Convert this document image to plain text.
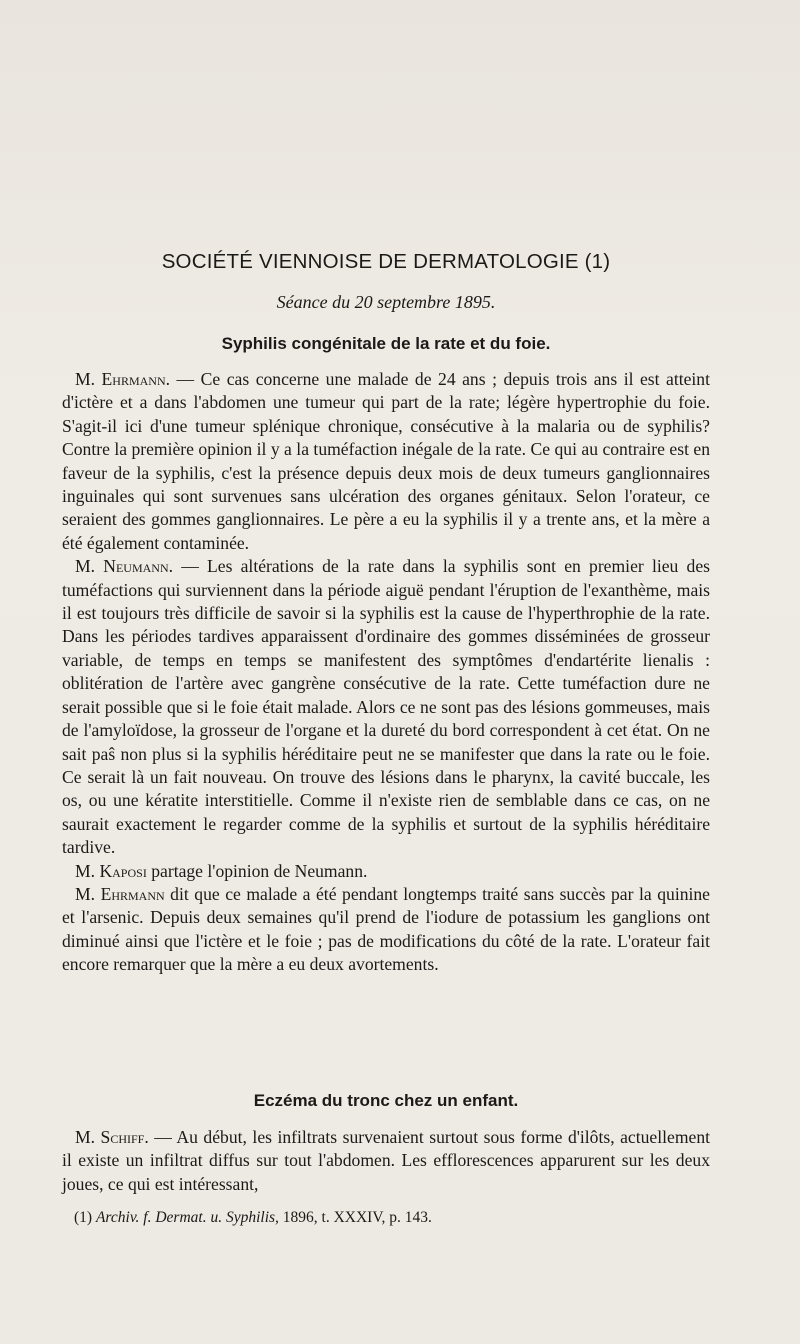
SOCIÉTÉ VIENNOISE DE DERMATOLOGIE (1)

Séance du 20 septembre 1895.

Syphilis congénitale de la rate et du foie.

M. Ehrmann. — Ce cas concerne une malade de 24 ans ; depuis trois ans il est atteint d'ictère et a dans l'abdomen une tumeur qui part de la rate; légère hypertrophie du foie. S'agit-il ici d'une tumeur splénique chronique, consécutive à la malaria ou de syphilis? Contre la première opinion il y a la tuméfaction inégale de la rate. Ce qui au contraire est en faveur de la syphilis, c'est la présence depuis deux mois de deux tumeurs ganglionnaires inguinales qui sont survenues sans ulcération des organes génitaux. Selon l'orateur, ce seraient des gommes ganglionnaires. Le père a eu la syphilis il y a trente ans, et la mère a été également contaminée.

M. Neumann. — Les altérations de la rate dans la syphilis sont en premier lieu des tuméfactions qui surviennent dans la période aiguë pendant l'éruption de l'exanthème, mais il est toujours très difficile de savoir si la syphilis est la cause de l'hyperthrophie de la rate. Dans les périodes tardives apparaissent d'ordinaire des gommes disséminées de grosseur variable, de temps en temps se manifestent des symptômes d'endartérite lienalis : oblitération de l'artère avec gangrène consécutive de la rate. Cette tuméfaction dure ne serait possible que si le foie était malade. Alors ce ne sont pas des lésions gommeuses, mais de l'amyloïdose, la grosseur de l'organe et la dureté du bord correspondent à cet état. On ne sait paŝ non plus si la syphilis héréditaire peut ne se manifester que dans la rate ou le foie. Ce serait là un fait nouveau. On trouve des lésions dans le pharynx, la cavité buccale, les os, ou une kératite interstitielle. Comme il n'existe rien de semblable dans ce cas, on ne saurait exactement le regarder comme de la syphilis et surtout de la syphilis héréditaire tardive.

M. Kaposi partage l'opinion de Neumann.

M. Ehrmann dit que ce malade a été pendant longtemps traité sans succès par la quinine et l'arsenic. Depuis deux semaines qu'il prend de l'iodure de potassium les ganglions ont diminué ainsi que l'ictère et le foie ; pas de modifications du côté de la rate. L'orateur fait encore remarquer que la mère a eu deux avortements.

Eczéma du tronc chez un enfant.

M. Schiff. — Au début, les infiltrats survenaient surtout sous forme d'ilôts, actuellement il existe un infiltrat diffus sur tout l'abdomen. Les efflorescences apparurent sur les deux joues, ce qui est intéressant,

(1) Archiv. f. Dermat. u. Syphilis, 1896, t. XXXIV, p. 143.
